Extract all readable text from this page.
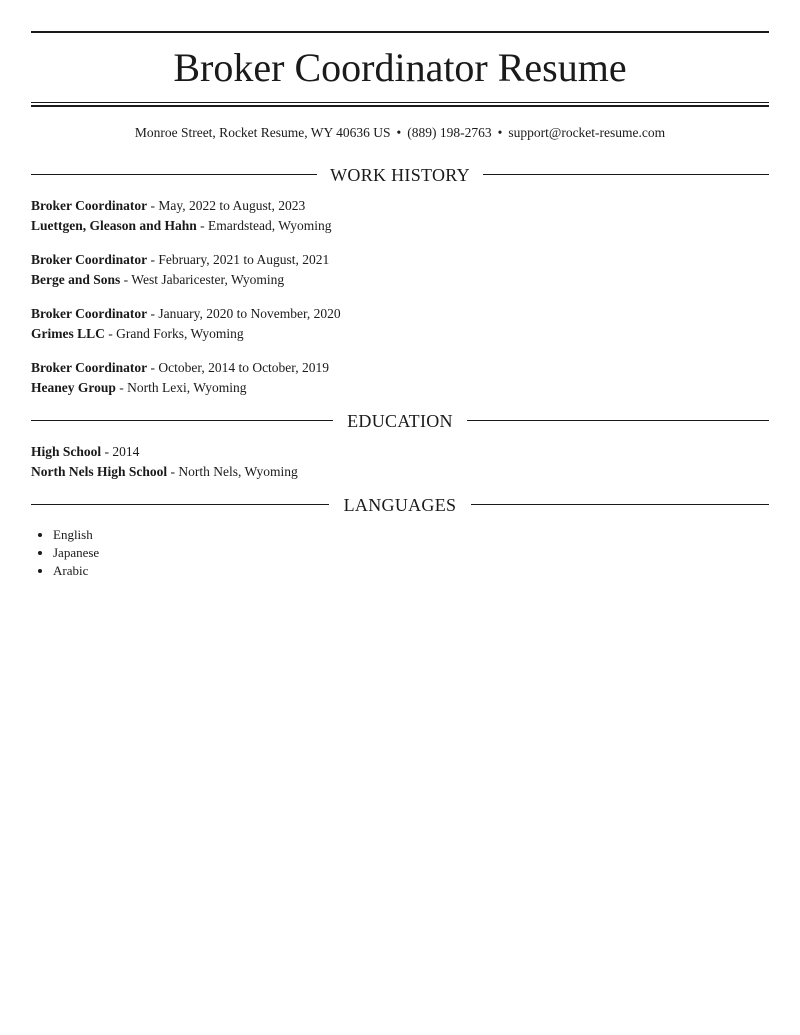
Broker Coordinator Resume
Monroe Street, Rocket Resume, WY 40636 US • (889) 198-2763 • support@rocket-resume.com
WORK HISTORY
Broker Coordinator - May, 2022 to August, 2023
Luettgen, Gleason and Hahn - Emardstead, Wyoming
Broker Coordinator - February, 2021 to August, 2021
Berge and Sons - West Jabaricester, Wyoming
Broker Coordinator - January, 2020 to November, 2020
Grimes LLC - Grand Forks, Wyoming
Broker Coordinator - October, 2014 to October, 2019
Heaney Group - North Lexi, Wyoming
EDUCATION
High School - 2014
North Nels High School - North Nels, Wyoming
LANGUAGES
• English
• Japanese
• Arabic
